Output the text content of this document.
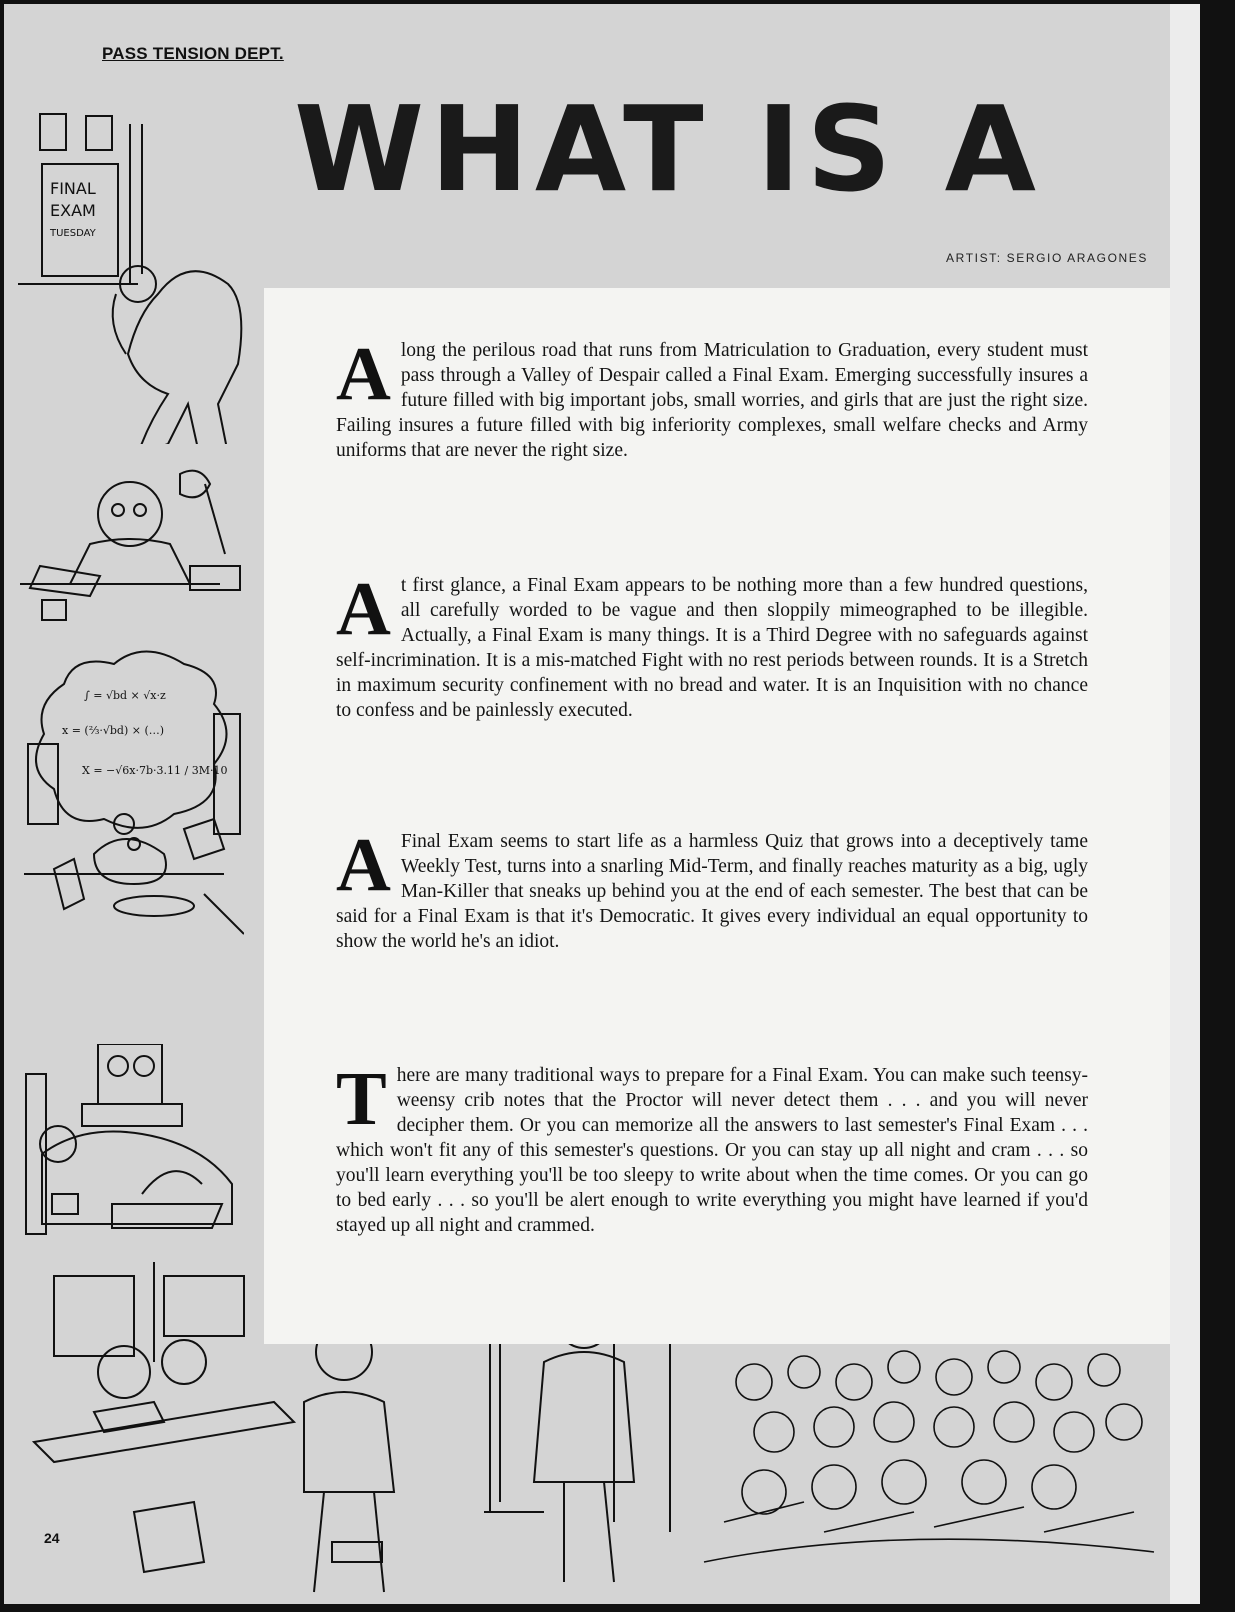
PASS TENSION DEPT.
WHAT IS A
ARTIST: SERGIO ARAGONES
FINAL
EXAM
TUESDAY
∫ = √bd × √x·z
x = (⅔·√bd) × (…)
X = −√6x·7b·3.11 / 3M·10

Along the perilous road that runs from Matriculation to Graduation, every student must pass through a Valley of Despair called a Final Exam. Emerging successfully insures a future filled with big important jobs, small worries, and girls that are just the right size. Failing insures a future filled with big inferiority complexes, small welfare checks and Army uniforms that are never the right size.

At first glance, a Final Exam appears to be nothing more than a few hundred questions, all carefully worded to be vague and then sloppily mimeographed to be illegible. Actually, a Final Exam is many things. It is a Third Degree with no safeguards against self-incrimination. It is a mis-matched Fight with no rest periods between rounds. It is a Stretch in maximum security confinement with no bread and water. It is an Inquisition with no chance to confess and be painlessly executed.

A Final Exam seems to start life as a harmless Quiz that grows into a deceptively tame Weekly Test, turns into a snarling Mid-Term, and finally reaches maturity as a big, ugly Man-Killer that sneaks up behind you at the end of each semester. The best that can be said for a Final Exam is that it's Democratic. It gives every individual an equal opportunity to show the world he's an idiot.

There are many traditional ways to prepare for a Final Exam. You can make such teensy-weensy crib notes that the Proctor will never detect them . . . and you will never decipher them. Or you can memorize all the answers to last semester's Final Exam . . . which won't fit any of this semester's questions. Or you can stay up all night and cram . . . so you'll learn everything you'll be too sleepy to write about when the time comes. Or you can go to bed early . . . so you'll be alert enough to write everything you might have learned if you'd stayed up all night and crammed.

24
